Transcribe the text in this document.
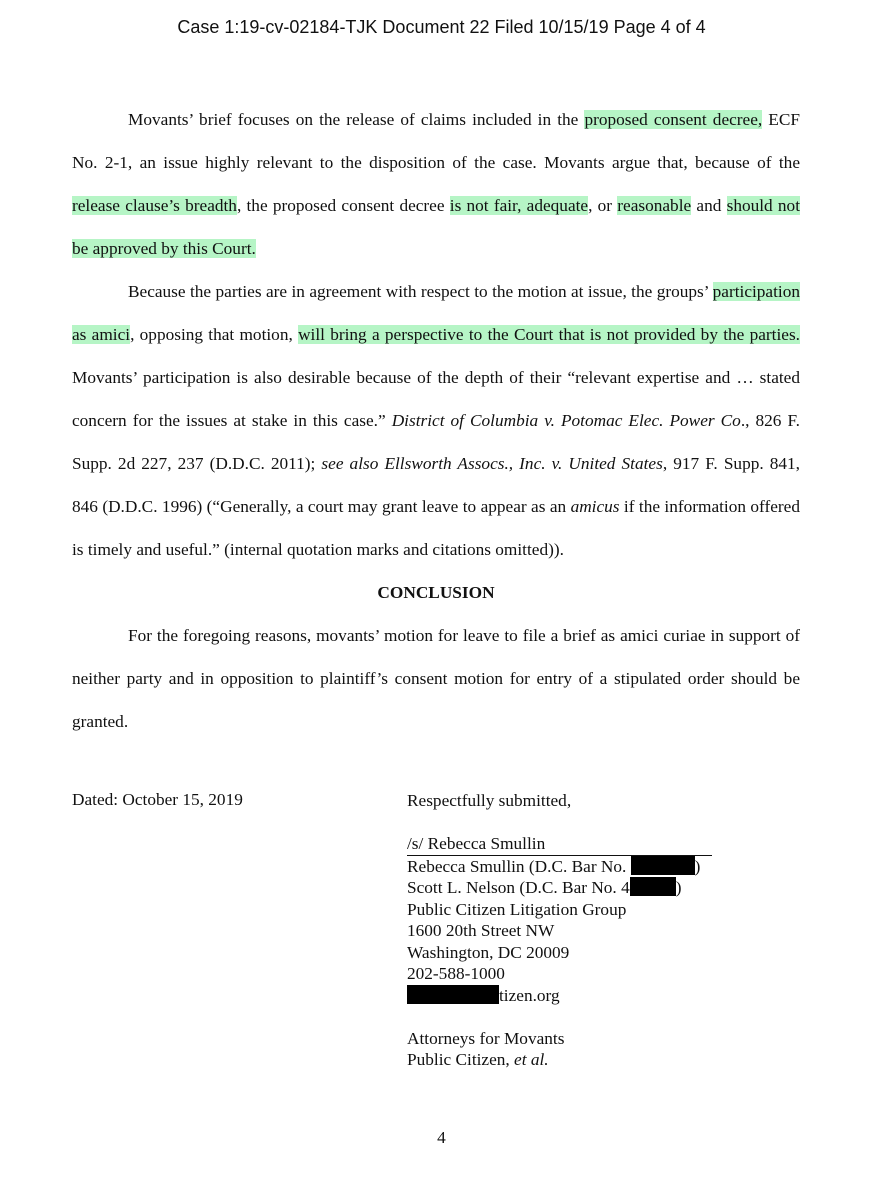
Case 1:19-cv-02184-TJK Document 22 Filed 10/15/19 Page 4 of 4

Movants’ brief focuses on the release of claims included in the proposed consent decree, ECF No. 2-1, an issue highly relevant to the disposition of the case. Movants argue that, because of the release clause’s breadth, the proposed consent decree is not fair, adequate, or reasonable and should not be approved by this Court.

Because the parties are in agreement with respect to the motion at issue, the groups’ participation as amici, opposing that motion, will bring a perspective to the Court that is not provided by the parties. Movants’ participation is also desirable because of the depth of their “relevant expertise and … stated concern for the issues at stake in this case.” District of Columbia v. Potomac Elec. Power Co., 826 F. Supp. 2d 227, 237 (D.D.C. 2011); see also Ellsworth Assocs., Inc. v. United States, 917 F. Supp. 841, 846 (D.D.C. 1996) (“Generally, a court may grant leave to appear as an amicus if the information offered is timely and useful.” (internal quotation marks and citations omitted)).

CONCLUSION

For the foregoing reasons, movants’ motion for leave to file a brief as amici curiae in support of neither party and in opposition to plaintiff’s consent motion for entry of a stipulated order should be granted.

Dated: October 15, 2019	Respectfully submitted,
/s/ Rebecca Smullin
Rebecca Smullin (D.C. Bar No.	)
Scott L. Nelson (D.C. Bar No. 4	)
Public Citizen Litigation Group
1600 20th Street NW
Washington, DC 20009
202-588-1000
tizen.org
Attorneys for Movants
Public Citizen, et al.
4
